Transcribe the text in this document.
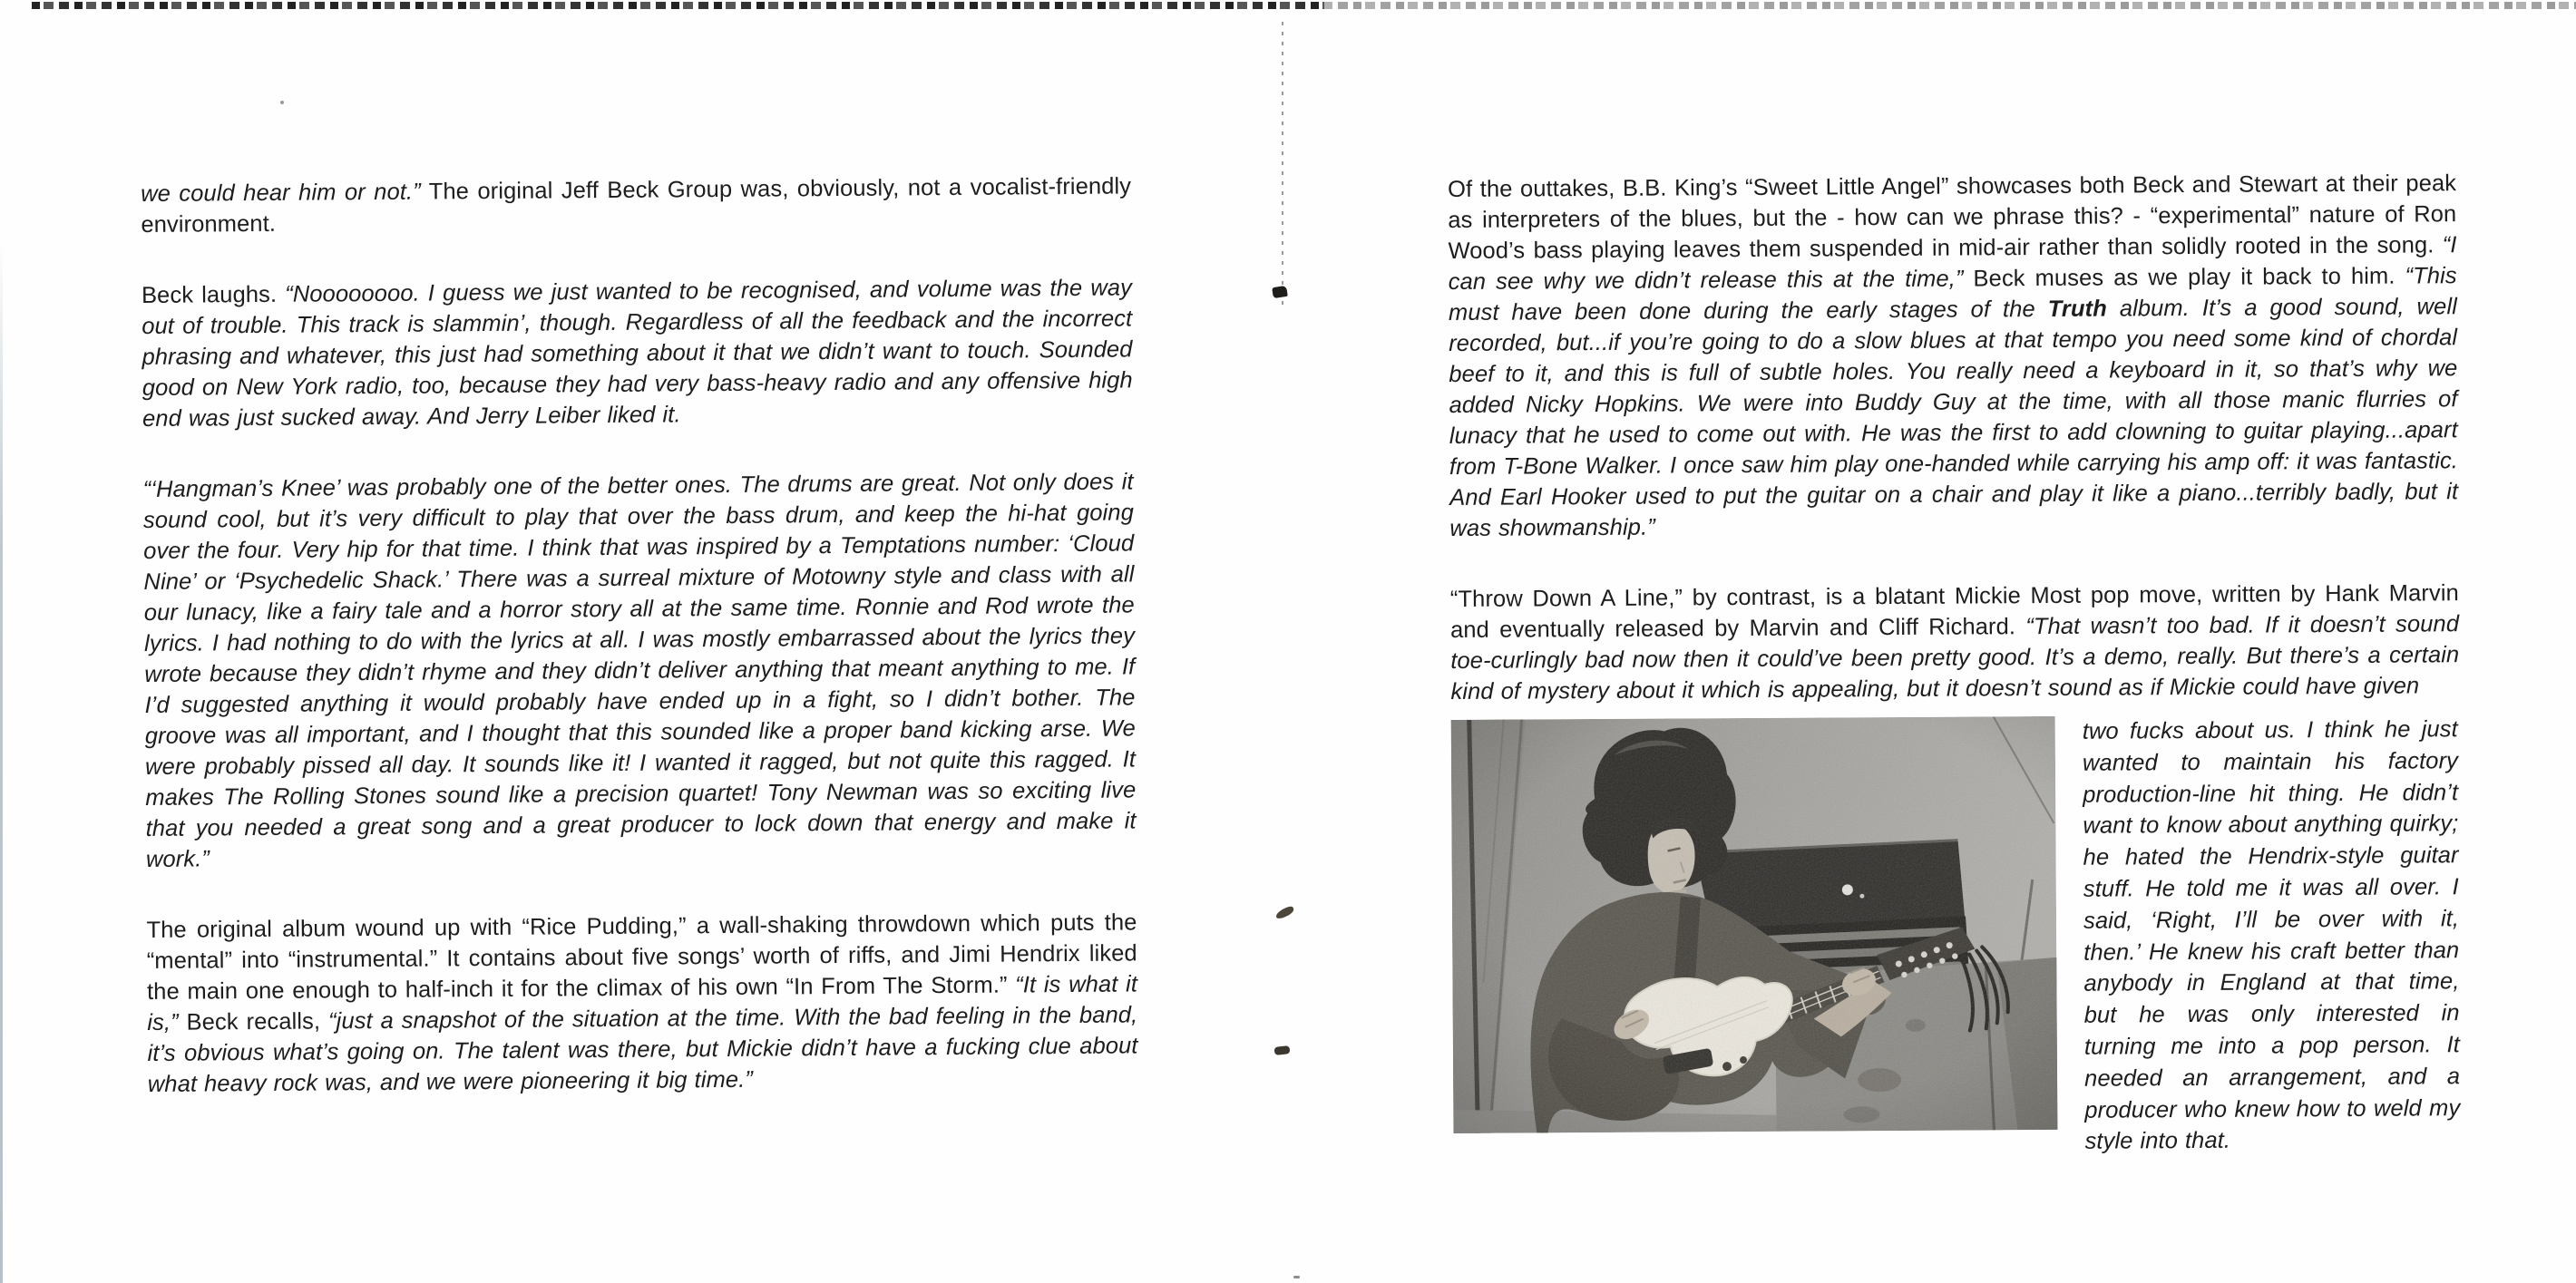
we could hear him or not.” The original Jeff Beck Group was, obviously, not a vocalist-friendly environment.

Beck laughs. “Noooooooo. I guess we just wanted to be recognised, and volume was the way out of trouble. This track is slammin’, though. Regardless of all the feedback and the incorrect phrasing and whatever, this just had something about it that we didn’t want to touch. Sounded good on New York radio, too, because they had very bass-heavy radio and any offensive high end was just sucked away. And Jerry Leiber liked it.

“‘Hangman’s Knee’ was probably one of the better ones. The drums are great. Not only does it sound cool, but it’s very difficult to play that over the bass drum, and keep the hi-hat going over the four. Very hip for that time. I think that was inspired by a Temptations number: ‘Cloud Nine’ or ‘Psychedelic Shack.’ There was a surreal mixture of Motowny style and class with all our lunacy, like a fairy tale and a horror story all at the same time. Ronnie and Rod wrote the lyrics. I had nothing to do with the lyrics at all. I was mostly embarrassed about the lyrics they wrote because they didn’t rhyme and they didn’t deliver anything that meant anything to me. If I’d suggested anything it would probably have ended up in a fight, so I didn’t bother. The groove was all important, and I thought that this sounded like a proper band kicking arse. We were probably pissed all day. It sounds like it! I wanted it ragged, but not quite this ragged. It makes The Rolling Stones sound like a precision quartet! Tony Newman was so exciting live that you needed a great song and a great producer to lock down that energy and make it work.”

The original album wound up with “Rice Pudding,” a wall-shaking throwdown which puts the “mental” into “instrumental.” It contains about five songs’ worth of riffs, and Jimi Hendrix liked the main one enough to half-inch it for the climax of his own “In From The Storm.” “It is what it is,” Beck recalls, “just a snapshot of the situation at the time. With the bad feeling in the band, it’s obvious what’s going on. The talent was there, but Mickie didn’t have a fucking clue about what heavy rock was, and we were pioneering it big time.”

Of the outtakes, B.B. King’s “Sweet Little Angel” showcases both Beck and Stewart at their peak as interpreters of the blues, but the - how can we phrase this? - “experimental” nature of Ron Wood’s bass playing leaves them suspended in mid-air rather than solidly rooted in the song. “I can see why we didn’t release this at the time,” Beck muses as we play it back to him. “This must have been done during the early stages of the Truth album. It’s a good sound, well recorded, but...if you’re going to do a slow blues at that tempo you need some kind of chordal beef to it, and this is full of subtle holes. You really need a keyboard in it, so that’s why we added Nicky Hopkins. We were into Buddy Guy at the time, with all those manic flurries of lunacy that he used to come out with. He was the first to add clowning to guitar playing...apart from T-Bone Walker. I once saw him play one-handed while carrying his amp off: it was fantastic. And Earl Hooker used to put the guitar on a chair and play it like a piano...terribly badly, but it was showmanship.”

“Throw Down A Line,” by contrast, is a blatant Mickie Most pop move, written by Hank Marvin and eventually released by Marvin and Cliff Richard. “That wasn’t too bad. If it doesn’t sound toe-curlingly bad now then it could’ve been pretty good. It’s a demo, really. But there’s a certain kind of mystery about it which is appealing, but it doesn’t sound as if Mickie could have given

two fucks about us. I think he just wanted to maintain his factory production-line hit thing. He didn’t want to know about anything quirky; he hated the Hendrix-style guitar stuff. He told me it was all over. I said, ‘Right, I’ll be over with it, then.’ He knew his craft better than anybody in England at that time, but he was only interested in turning me into a pop person. It needed an arrangement, and a producer who knew how to weld my style into that.
